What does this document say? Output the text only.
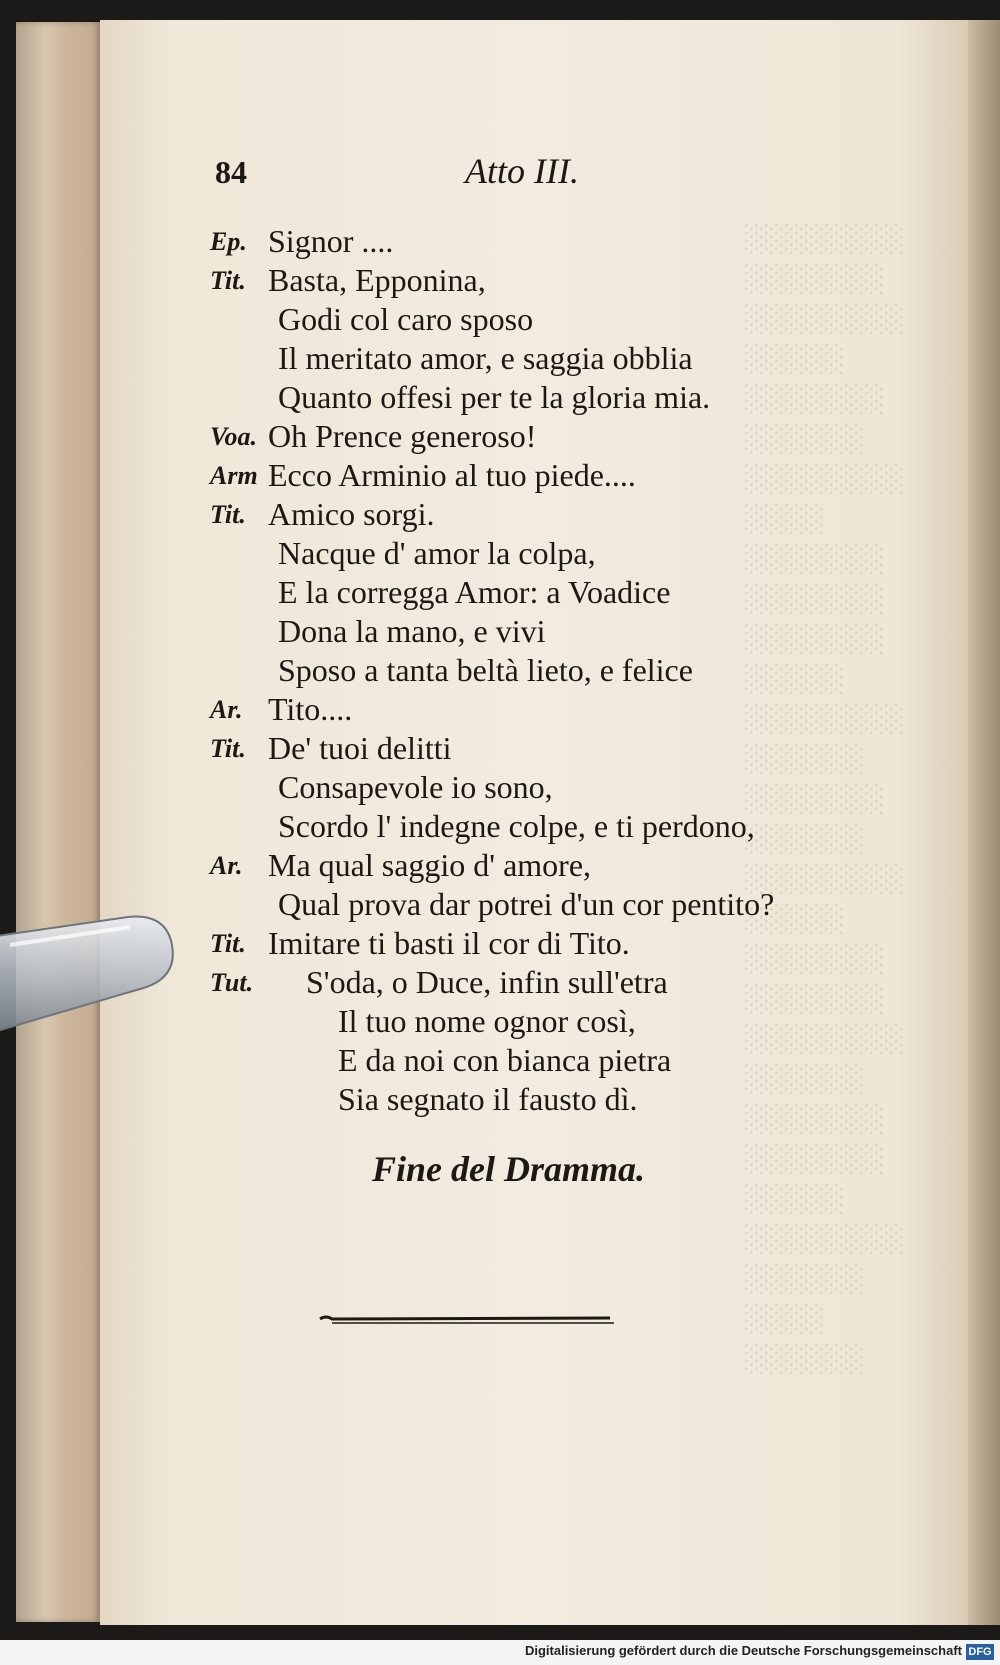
░░░░░░░░
░░░░░░░
░░░░░░░░
░░░░░
░░░░░░░
░░░░░░
░░░░░░░░
░░░░
░░░░░░░
░░░░░░░
░░░░░░░
░░░░░
░░░░░░░░
░░░░░░
░░░░░░░
░░░░░░
░░░░░░░░
░░░░░
░░░░░░░
░░░░░░░
░░░░░░░░
░░░░░░
░░░░░░░
░░░░░░░
░░░░░
░░░░░░░░
░░░░░░
░░░░
░░░░░░
84	Atto III.
Ep. Signor ....
Tit. Basta, Epponina,
Godi col caro sposo
Il meritato amor, e saggia obblia
Quanto offesi per te la gloria mia.
Voa. Oh Prence generoso!
Arm Ecco Arminio al tuo piede....
Tit. Amico sorgi.
Nacque d' amor la colpa,
E la corregga Amor: a Voadice
Dona la mano, e vivi
Sposo a tanta beltà lieto, e felice
Ar. Tito....
Tit. De' tuoi delitti
Consapevole io sono,
Scordo l' indegne colpe, e ti perdono,
Ar. Ma qual saggio d' amore,
Qual prova dar potrei d'un cor pentito?
Tit. Imitare ti basti il cor di Tito.
Tut. S'oda, o Duce, infin sull'etra
Il tuo nome ognor così,
E da noi con bianca pietra
Sia segnato il fausto dì.
Fine del Dramma.
Digitalisierung gefördert durch die Deutsche Forschungsgemeinschaft DFG
